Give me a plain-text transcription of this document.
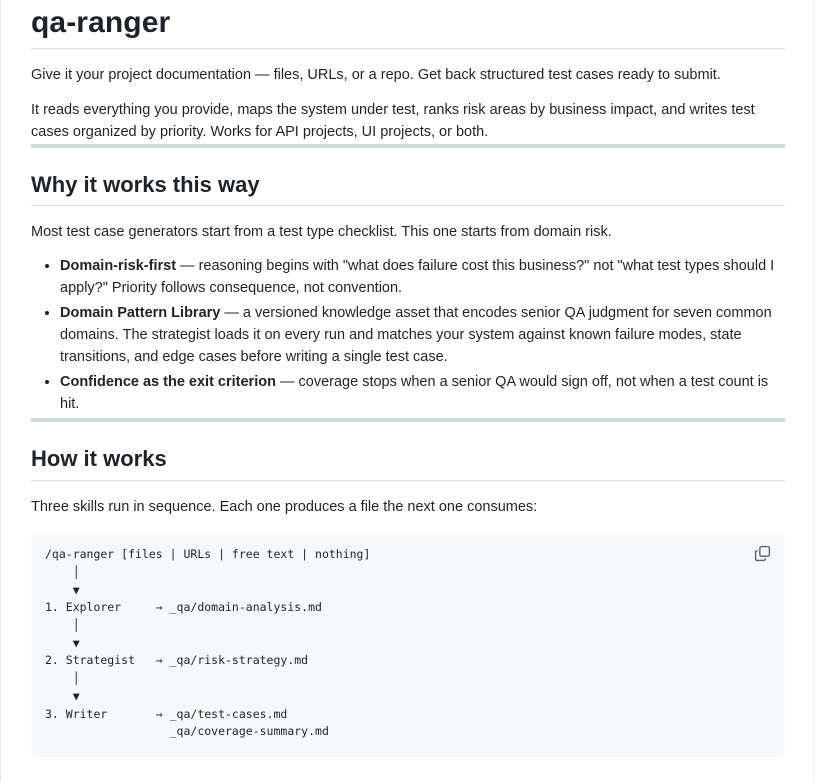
qa-ranger

Give it your project documentation — files, URLs, or a repo. Get back structured test cases ready to submit.

It reads everything you provide, maps the system under test, ranks risk areas by business impact, and writes test cases organized by priority. Works for API projects, UI projects, or both.

Why it works this way

Most test case generators start from a test type checklist. This one starts from domain risk.

• Domain-risk-first — reasoning begins with "what does failure cost this business?" not "what test types should I apply?" Priority follows consequence, not convention.
• Domain Pattern Library — a versioned knowledge asset that encodes senior QA judgment for seven common domains. The strategist loads it on every run and matches your system against known failure modes, state transitions, and edge cases before writing a single test case.
• Confidence as the exit criterion — coverage stops when a senior QA would sign off, not when a test count is hit.
How it works

Three skills run in sequence. Each one produces a file the next one consumes:

/qa-ranger [files | URLs | free text | nothing]
│
▼
1. Explorer     → _qa/domain-analysis.md
│
▼
2. Strategist   → _qa/risk-strategy.md
│
▼
3. Writer       → _qa/test-cases.md
_qa/coverage-summary.md
